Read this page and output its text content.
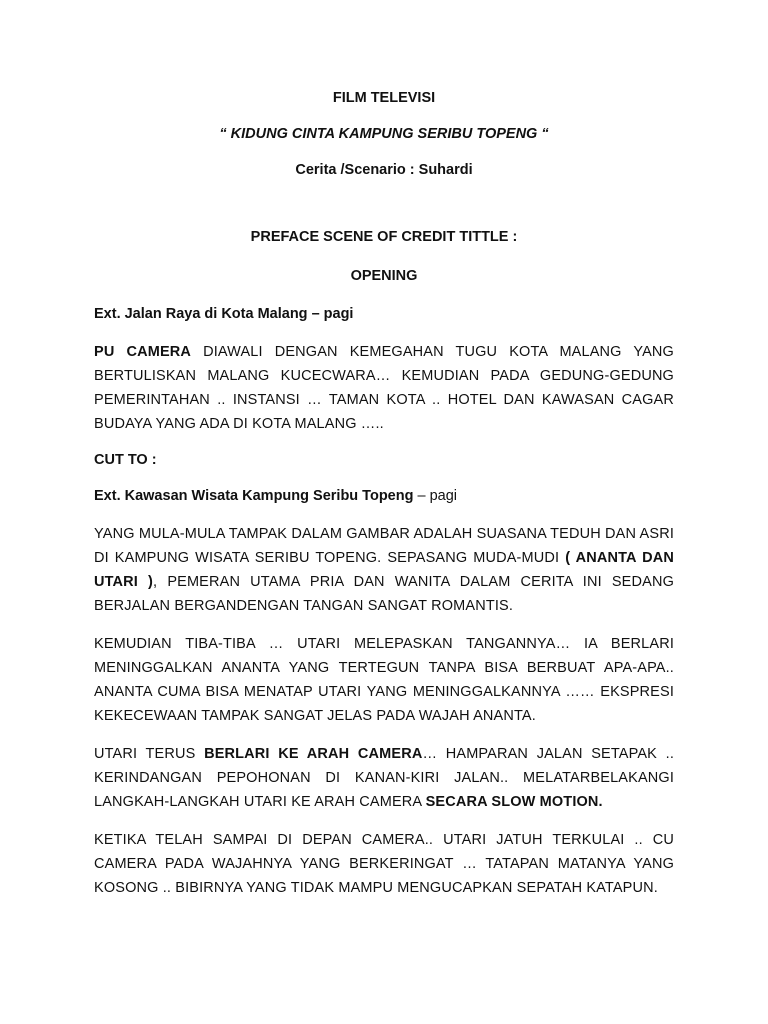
FILM TELEVISI

“ KIDUNG CINTA KAMPUNG SERIBU TOPENG “

Cerita /Scenario : Suhardi

PREFACE SCENE OF CREDIT TITTLE :

OPENING

Ext. Jalan Raya di Kota Malang – pagi

PU CAMERA DIAWALI DENGAN KEMEGAHAN TUGU KOTA MALANG YANG BERTULISKAN MALANG KUCECWARA… KEMUDIAN PADA GEDUNG-GEDUNG PEMERINTAHAN .. INSTANSI … TAMAN KOTA .. HOTEL DAN KAWASAN CAGAR BUDAYA YANG ADA DI KOTA MALANG …..

CUT TO :

Ext. Kawasan Wisata Kampung Seribu Topeng – pagi

YANG MULA-MULA TAMPAK DALAM GAMBAR ADALAH SUASANA TEDUH DAN ASRI DI KAMPUNG WISATA SERIBU TOPENG. SEPASANG MUDA-MUDI ( ANANTA DAN UTARI ), PEMERAN UTAMA PRIA DAN WANITA DALAM CERITA INI SEDANG BERJALAN BERGANDENGAN TANGAN SANGAT ROMANTIS.

KEMUDIAN TIBA-TIBA … UTARI MELEPASKAN TANGANNYA… IA BERLARI MENINGGALKAN ANANTA YANG TERTEGUN TANPA BISA BERBUAT APA-APA.. ANANTA CUMA BISA MENATAP UTARI YANG MENINGGALKANNYA …… EKSPRESI KEKECEWAAN TAMPAK SANGAT JELAS PADA WAJAH ANANTA.

UTARI TERUS BERLARI KE ARAH CAMERA… HAMPARAN JALAN SETAPAK .. KERINDANGAN PEPOHONAN DI KANAN-KIRI JALAN.. MELATARBELAKANGI LANGKAH-LANGKAH UTARI KE ARAH CAMERA SECARA SLOW MOTION.

KETIKA TELAH SAMPAI DI DEPAN CAMERA.. UTARI JATUH TERKULAI .. CU CAMERA PADA WAJAHNYA YANG BERKERINGAT … TATAPAN MATANYA YANG KOSONG .. BIBIRNYA YANG TIDAK MAMPU MENGUCAPKAN SEPATAH KATAPUN.
